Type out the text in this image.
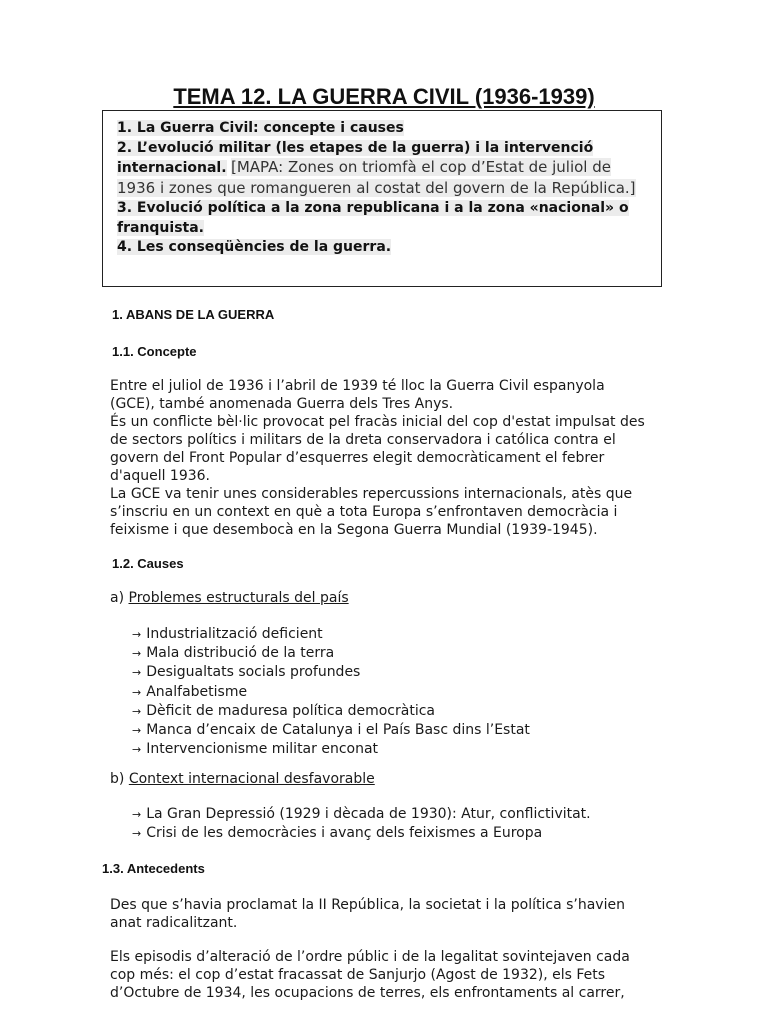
TEMA 12. LA GUERRA CIVIL (1936-1939)
1. La Guerra Civil: concepte i causes
2. L’evolució militar (les etapes de la guerra) i la intervenció
internacional. [MAPA: Zones on triomfà el cop d’Estat de juliol de
1936 i zones que romangueren al costat del govern de la República.]
3. Evolució política a la zona republicana i a la zona «nacional» o
franquista.
4. Les conseqüències de la guerra.
1. ABANS DE LA GUERRA
1.1. Concepte
Entre el juliol de 1936 i l’abril de 1939 té lloc la Guerra Civil espanyola
(GCE), també anomenada Guerra dels Tres Anys.
És un conflicte bèl·lic provocat pel fracàs inicial del cop d'estat impulsat des
de sectors polítics i militars de la dreta conservadora i católica contra el
govern del Front Popular d’esquerres elegit democràticament el febrer
d'aquell 1936.
La GCE va tenir unes considerables repercussions internacionals, atès que
s’inscriu en un context en què a tota Europa s’enfrontaven democràcia i
feixisme i que desembocà en la Segona Guerra Mundial (1939-1945).
1.2. Causes
a) Problemes estructurals del país
→ Industrialització deficient
→ Mala distribució de la terra
→ Desigualtats socials profundes
→ Analfabetisme
→ Dèficit de maduresa política democràtica
→ Manca d’encaix de Catalunya i el País Basc dins l’Estat
→ Intervencionisme militar enconat
b) Context internacional desfavorable
→ La Gran Depressió (1929 i dècada de 1930): Atur, conflictivitat.
→ Crisi de les democràcies i avanç dels feixismes a Europa
1.3. Antecedents
Des que s’havia proclamat la II República, la societat i la política s’havien
anat radicalitzant.
Els episodis d’alteració de l’ordre públic i de la legalitat sovintejaven cada
cop més: el cop d’estat fracassat de Sanjurjo (Agost de 1932), els Fets
d’Octubre de 1934, les ocupacions de terres, els enfrontaments al carrer,
